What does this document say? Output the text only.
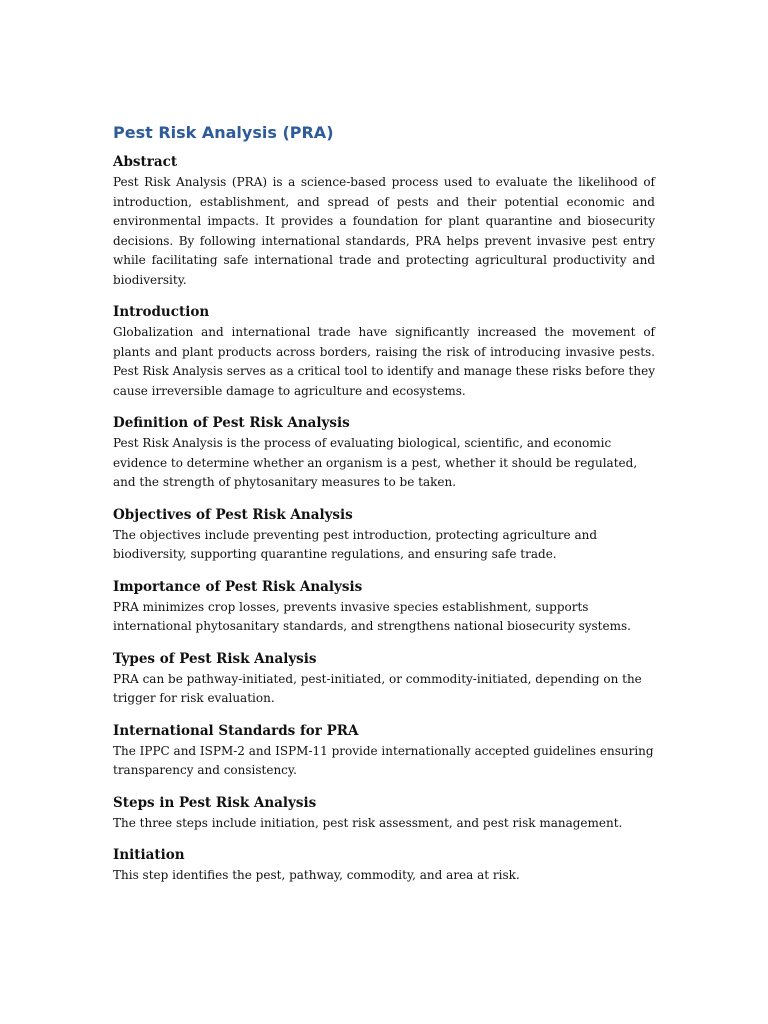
Pest Risk Analysis (PRA)
Abstract

Pest Risk Analysis (PRA) is a science-based process used to evaluate the likelihood of introduction, establishment, and spread of pests and their potential economic and environmental impacts. It provides a foundation for plant quarantine and biosecurity decisions. By following international standards, PRA helps prevent invasive pest entry while facilitating safe international trade and protecting agricultural productivity and biodiversity.

Introduction

Globalization and international trade have significantly increased the movement of plants and plant products across borders, raising the risk of introducing invasive pests. Pest Risk Analysis serves as a critical tool to identify and manage these risks before they cause irreversible damage to agriculture and ecosystems.

Definition of Pest Risk Analysis

Pest Risk Analysis is the process of evaluating biological, scientific, and economic evidence to determine whether an organism is a pest, whether it should be regulated, and the strength of phytosanitary measures to be taken.

Objectives of Pest Risk Analysis

The objectives include preventing pest introduction, protecting agriculture and biodiversity, supporting quarantine regulations, and ensuring safe trade.

Importance of Pest Risk Analysis

PRA minimizes crop losses, prevents invasive species establishment, supports international phytosanitary standards, and strengthens national biosecurity systems.

Types of Pest Risk Analysis

PRA can be pathway-initiated, pest-initiated, or commodity-initiated, depending on the trigger for risk evaluation.

International Standards for PRA

The IPPC and ISPM-2 and ISPM-11 provide internationally accepted guidelines ensuring transparency and consistency.

Steps in Pest Risk Analysis

The three steps include initiation, pest risk assessment, and pest risk management.

Initiation

This step identifies the pest, pathway, commodity, and area at risk.
